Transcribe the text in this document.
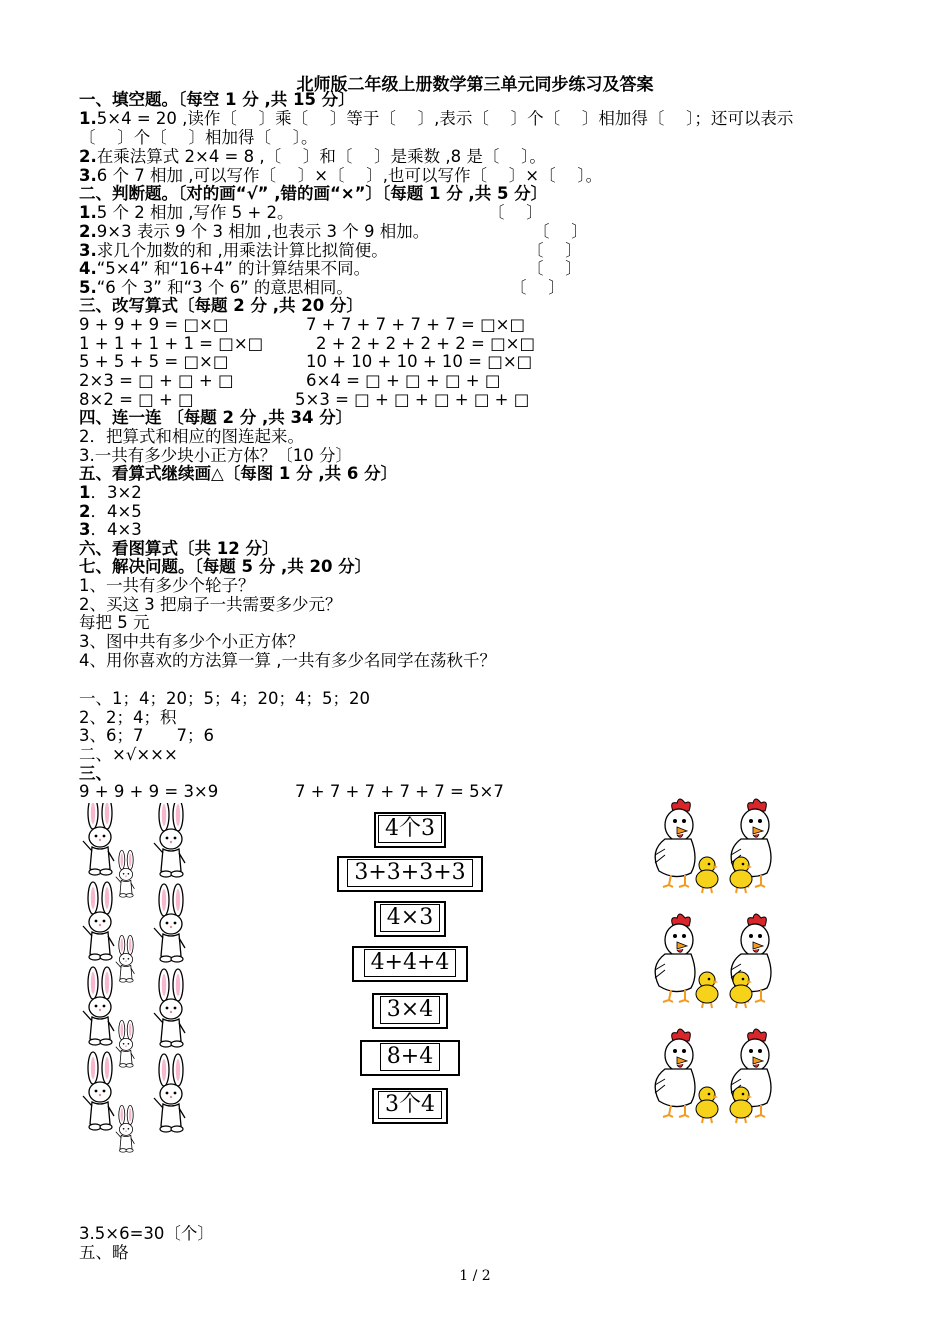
北师版二年级上册数学第三单元同步练习及答案
一、填空题。〔每空 1 分 ,共 15 分〕
1.5×4 = 20 ,读作〔　 〕乘〔　 〕等于〔　 〕,表示〔　 〕个〔　 〕相加得〔　 〕；还可以表示
〔　 〕个〔　 〕相加得〔　 〕。
2.在乘法算式 2×4 = 8 ,〔　 〕和〔　 〕是乘数 ,8 是〔　 〕。
3.6 个 7 相加 ,可以写作〔　 〕×〔　 〕,也可以写作〔　 〕×〔　 〕。
二、判断题。〔对的画“√” ,错的画“×”〕〔每题 1 分 ,共 5 分〕
1.5 个 2 相加 ,写作 5 + 2。	〔　 〕
2.9×3 表示 9 个 3 相加 ,也表示 3 个 9 相加。	〔　 〕
3.求几个加数的和 ,用乘法计算比拟简便。	〔　 〕
4.“5×4” 和“16+4” 的计算结果不同。	〔　 〕
5.“6 个 3” 和“3 个 6” 的意思相同。	〔　 〕
三、改写算式〔每题 2 分 ,共 20 分〕
9 + 9 + 9 = □×□	7 + 7 + 7 + 7 + 7 = □×□
1 + 1 + 1 + 1 = □×□	2 + 2 + 2 + 2 + 2 = □×□
5 + 5 + 5 = □×□	10 + 10 + 10 + 10 = □×□
2×3 = □ + □ + □	6×4 = □ + □ + □ + □
8×2 = □ + □	5×3 = □ + □ + □ + □ + □
四、连一连 〔每题 2 分 ,共 34 分〕
2．把算式和相应的图连起来。
3.一共有多少块小正方体？〔10 分〕
五、看算式继续画△〔每图 1 分 ,共 6 分〕
1．3×2
2．4×5
3．4×3
六、看图算式〔共 12 分〕
七、解决问题。〔每题 5 分 ,共 20 分〕
1、一共有多少个轮子？
2、买这 3 把扇子一共需要多少元？
每把 5 元
3、图中共有多少个小正方体？
4、用你喜欢的方法算一算 ,一共有多少名同学在荡秋千？
一、1；4；20；5；4；20；4；5；20
2、2；4；积
3、6；7　　7；6
二、×√×××
三、
9 + 9 + 9 = 3×9	7 + 7 + 7 + 7 + 7 = 5×7
4个3
3+3+3+3
4×3
4+4+4
3×4
8+4
3个4
3.5×6=30〔个〕
五、略
1 / 2
